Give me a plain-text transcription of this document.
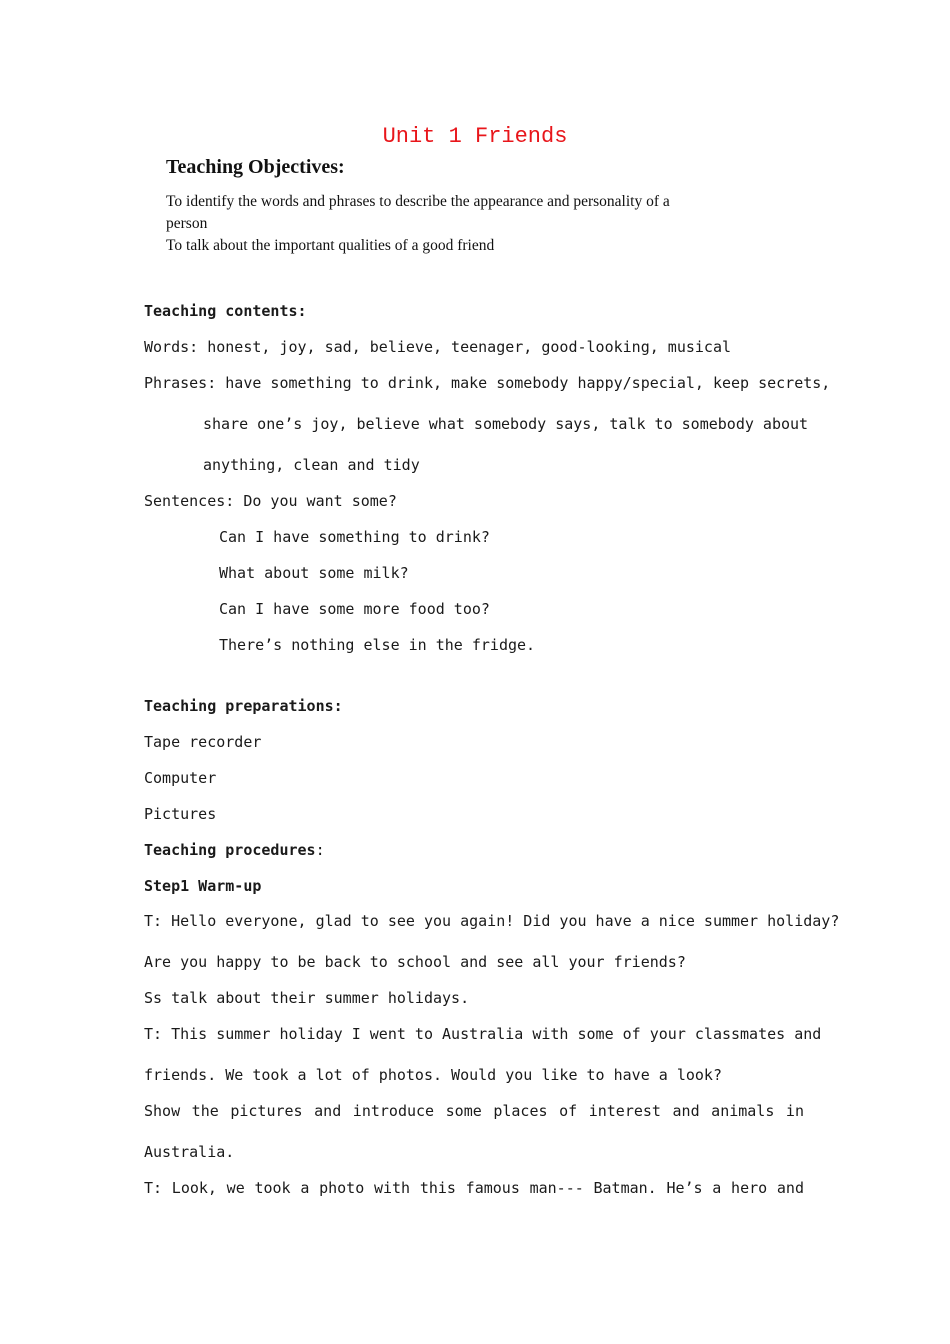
Unit 1 Friends
Teaching Objectives:
To identify the words and phrases to describe the appearance and personality of a
person
To talk about the important qualities of a good friend
Teaching contents:
Words: honest, joy, sad, believe, teenager, good-looking, musical
Phrases: have something to drink, make somebody happy/special, keep secrets,
share one’s joy, believe what somebody says, talk to somebody about
anything, clean and tidy
Sentences: Do you want some?
Can I have something to drink?
What about some milk?
Can I have some more food too?
There’s nothing else in the fridge.
Teaching preparations:
Tape recorder
Computer
Pictures
Teaching procedures:
Step1 Warm-up
T: Hello everyone, glad to see you again! Did you have a nice summer holiday?
Are you happy to be back to school and see all your friends?
Ss talk about their summer holidays.
T: This summer holiday I went to Australia with some of your classmates and
friends. We took a lot of photos. Would you like to have a look?
Show the pictures and introduce some places of interest and animals in
Australia.
T: Look, we took a photo with this famous man--- Batman. He’s a hero and
